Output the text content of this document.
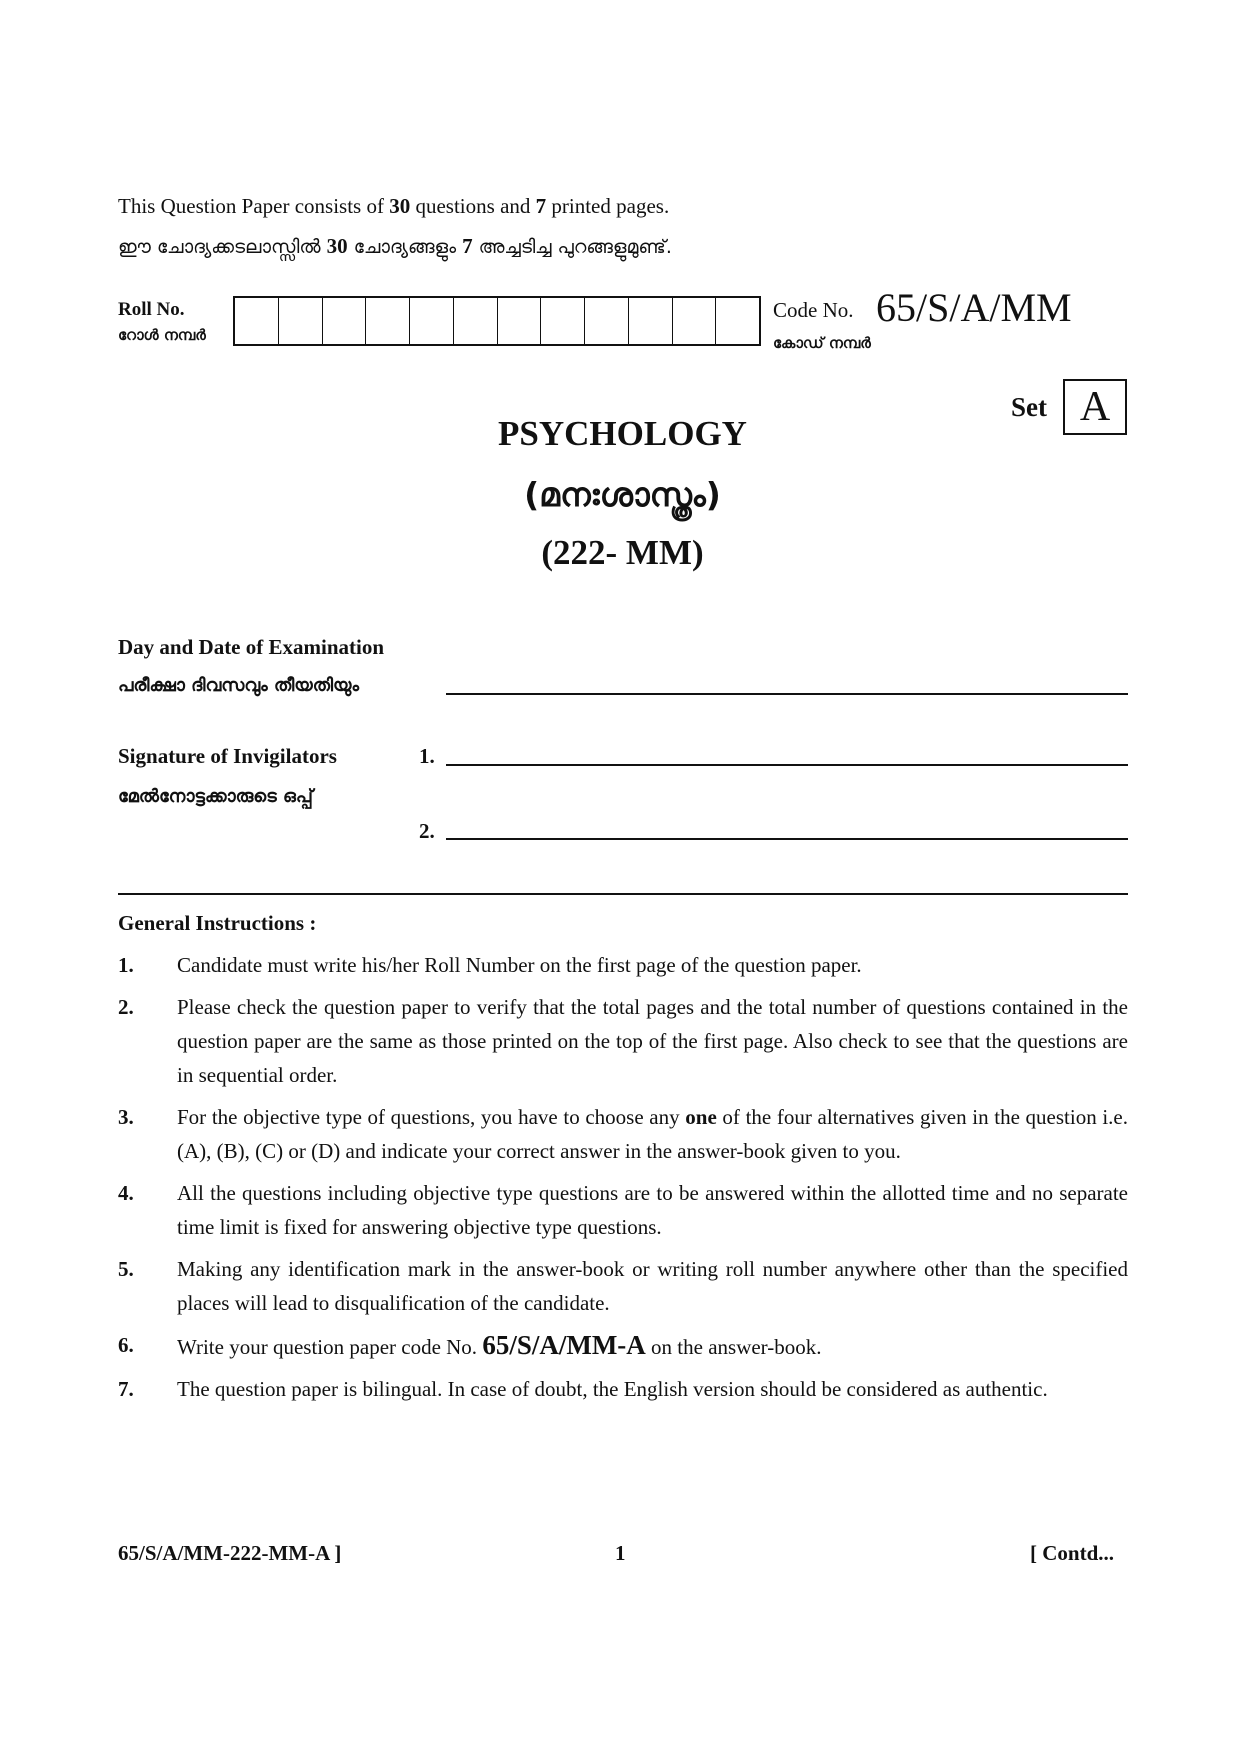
This Question Paper consists of 30 questions and 7 printed pages.
ഈ ചോദ്യക്കടലാസ്സിൽ 30 ചോദ്യങ്ങളും 7 അച്ചടിച്ച പുറങ്ങളുമുണ്ട്.
Roll No.
റോൾ നമ്പർ
Code No.
കോഡ് നമ്പർ
65/S/A/MM
Set A
PSYCHOLOGY
(മനഃശാസ്ത്രം)
(222- MM)
Day and Date of Examination
പരീക്ഷാ ദിവസവും തീയതിയും
Signature of Invigilators
മേൽനോട്ടക്കാരുടെ ഒപ്പ്
1.
2.
General Instructions :
1.	Candidate must write his/her Roll Number on the first page of the question paper.
2.	Please check the question paper to verify that the total pages and the total number of questions contained in the question paper are the same as those printed on the top of the first page. Also check to see that the questions are in sequential order.
3.	For the objective type of questions, you have to choose any one of the four alternatives given in the question i.e. (A), (B), (C) or (D) and indicate your correct answer in the answer-book given to you.
4.	All the questions including objective type questions are to be answered within the allotted time and no separate time limit is fixed for answering objective type questions.
5.	Making any identification mark in the answer-book or writing roll number anywhere other than the specified places will lead to disqualification of the candidate.
6.	Write your question paper code No. 65/S/A/MM-A on the answer-book.
7.	The question paper is bilingual. In case of doubt, the English version should be considered as authentic.
65/S/A/MM-222-MM-A ]	1	[ Contd...
